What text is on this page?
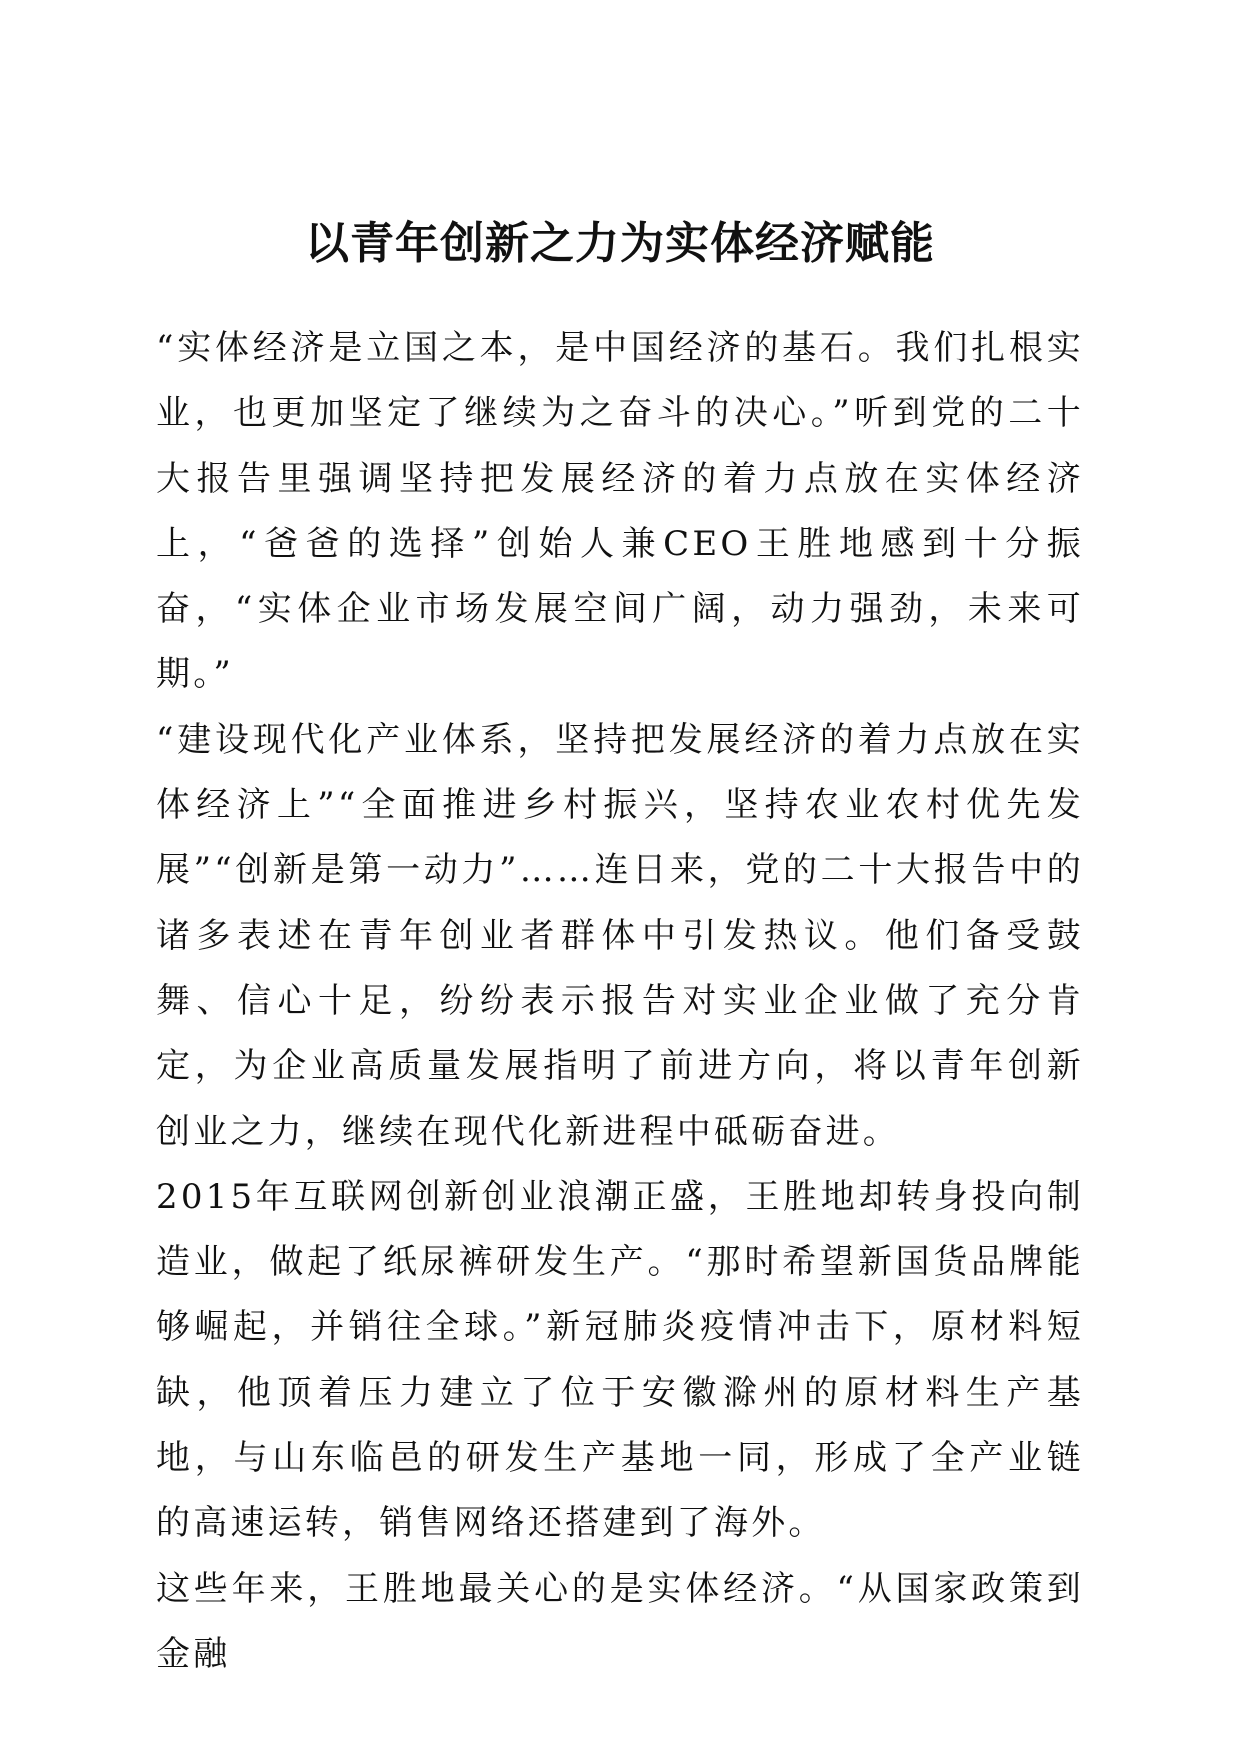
以青年创新之力为实体经济赋能

“实体经济是立国之本，是中国经济的基石。我们扎根实业，也更加坚定了继续为之奋斗的决心。”听到党的二十大报告里强调坚持把发展经济的着力点放在实体经济上，“爸爸的选择”创始人兼CEO王胜地感到十分振奋，“实体企业市场发展空间广阔，动力强劲，未来可期。”

“建设现代化产业体系，坚持把发展经济的着力点放在实体经济上”“全面推进乡村振兴，坚持农业农村优先发展”“创新是第一动力”……连日来，党的二十大报告中的诸多表述在青年创业者群体中引发热议。他们备受鼓舞、信心十足，纷纷表示报告对实业企业做了充分肯定，为企业高质量发展指明了前进方向，将以青年创新创业之力，继续在现代化新进程中砥砺奋进。

2015年互联网创新创业浪潮正盛，王胜地却转身投向制造业，做起了纸尿裤研发生产。“那时希望新国货品牌能够崛起，并销往全球。”新冠肺炎疫情冲击下，原材料短缺，他顶着压力建立了位于安徽滁州的原材料生产基地，与山东临邑的研发生产基地一同，形成了全产业链的高速运转，销售网络还搭建到了海外。

这些年来，王胜地最关心的是实体经济。“从国家政策到金融
